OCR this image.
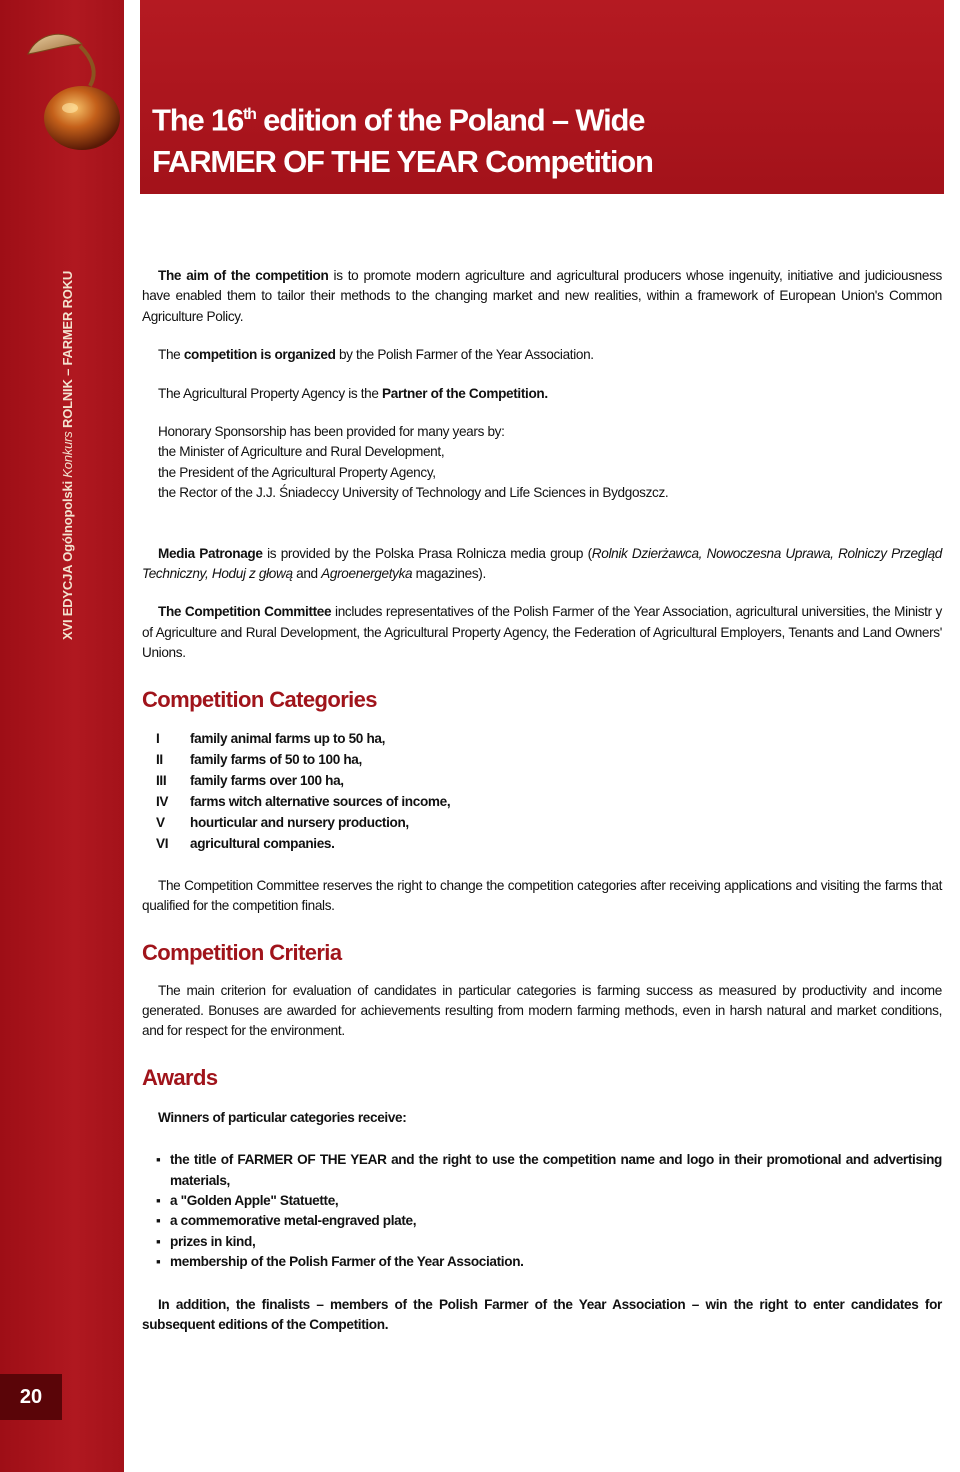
XVI EDYCJA Ogólnopolski Konkurs ROLNIK – FARMER ROKU
20
The 16th edition of the Poland – Wide
FARMER OF THE YEAR Competition

The aim of the competition is to promote modern agriculture and agricultural producers whose ingenuity, initiative and judiciousness have enabled them to tailor their methods to the changing market and new realities, within a framework of European Union's Common Agriculture Policy.

The competition is organized by the Polish Farmer of the Year Association.

The Agricultural Property Agency is the Partner of the Competition.

Honorary Sponsorship has been provided for many years by:
the Minister of Agriculture and Rural Development,
the President of the Agricultural Property Agency,
the Rector of the J.J. Śniadeccy University of Technology and Life Sciences in Bydgoszcz.

Media Patronage is provided by the Polska Prasa Rolnicza media group (Rolnik Dzierżawca, Nowoczesna Uprawa, Rolniczy Przegląd Techniczny, Hoduj z głową and Agroenergetyka magazines).

The Competition Committee includes representatives of the Polish Farmer of the Year Association, agricultural universities, the Ministr y of Agriculture and Rural Development, the Agricultural Property Agency, the Federation of Agricultural Employers, Tenants and Land Owners' Unions.

Competition Categories
I	family animal farms up to 50 ha,
II	family farms of 50 to 100 ha,
III	family farms over 100 ha,
IV	farms witch alternative sources of income,
V	hourticular and nursery production,
VI	agricultural companies.

The Competition Committee reserves the right to change the competition categories after receiving applications and visiting the farms that qualified for the competition finals.

Competition Criteria

The main criterion for evaluation of candidates in particular categories is farming success as measured by productivity and income generated. Bonuses are awarded for achievements resulting from modern farming methods, even in harsh natural and market conditions, and for respect for the environment.

Awards

Winners of particular categories receive:

▪ the title of FARMER OF THE YEAR and the right to use the competition name and logo in their promotional and advertising materials,
▪ a "Golden Apple" Statuette,
▪ a commemorative metal-engraved plate,
▪ prizes in kind,
▪ membership of the Polish Farmer of the Year Association.

In addition, the finalists – members of the Polish Farmer of the Year Association – win the right to enter candidates for subsequent editions of the Competition.
